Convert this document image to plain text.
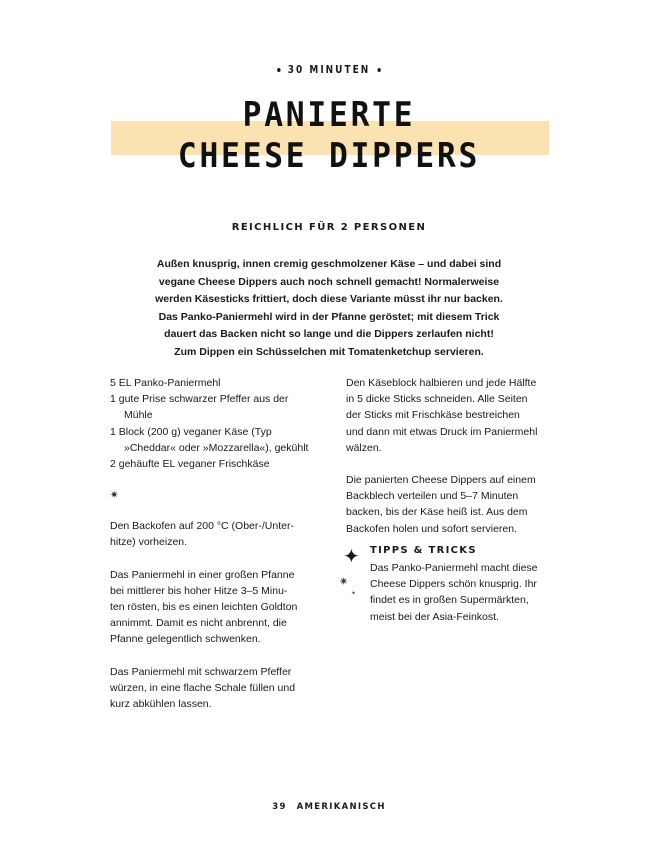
30 MINUTEN
PANIERTE
CHEESE DIPPERS
REICHLICH FÜR 2 PERSONEN
Außen knusprig, innen cremig geschmolzener Käse – und dabei sind
vegane Cheese Dippers auch noch schnell gemacht! Normalerweise
werden Käsesticks frittiert, doch diese Variante müsst ihr nur backen.
Das Panko-Paniermehl wird in der Pfanne geröstet; mit diesem Trick
dauert das Backen nicht so lange und die Dippers zerlaufen nicht!
Zum Dippen ein Schüsselchen mit Tomatenketchup servieren.

5 EL Panko-Paniermehl

1 gute Prise schwarzer Pfeffer aus der

Mühle

1 Block (200 g) veganer Käse (Typ

»Cheddar« oder »Mozzarella«), gekühlt

2 gehäufte EL veganer Frischkäse

✷

Den Backofen auf 200 °C (Ober-/Unter-

hitze) vorheizen.

Das Paniermehl in einer großen Pfanne

bei mittlerer bis hoher Hitze 3–5 Minu-

ten rösten, bis es einen leichten Goldton

annimmt. Damit es nicht anbrennt, die

Pfanne gelegentlich schwenken.

Das Paniermehl mit schwarzem Pfeffer

würzen, in eine flache Schale füllen und

kurz abkühlen lassen.

Den Käseblock halbieren und jede Hälfte

in 5 dicke Sticks schneiden. Alle Seiten

der Sticks mit Frischkäse bestreichen

und dann mit etwas Druck im Paniermehl

wälzen.

Die panierten Cheese Dippers auf einem

Backblech verteilen und 5–7 Minuten

backen, bis der Käse heiß ist. Aus dem

Backofen holen und sofort servieren.

✦
✷
✦
TIPPS & TRICKS
Das Panko-Paniermehl macht diese
Cheese Dippers schön knusprig. Ihr
findet es in großen Supermärkten,
meist bei der Asia-Feinkost.
39 AMERIKANISCH
